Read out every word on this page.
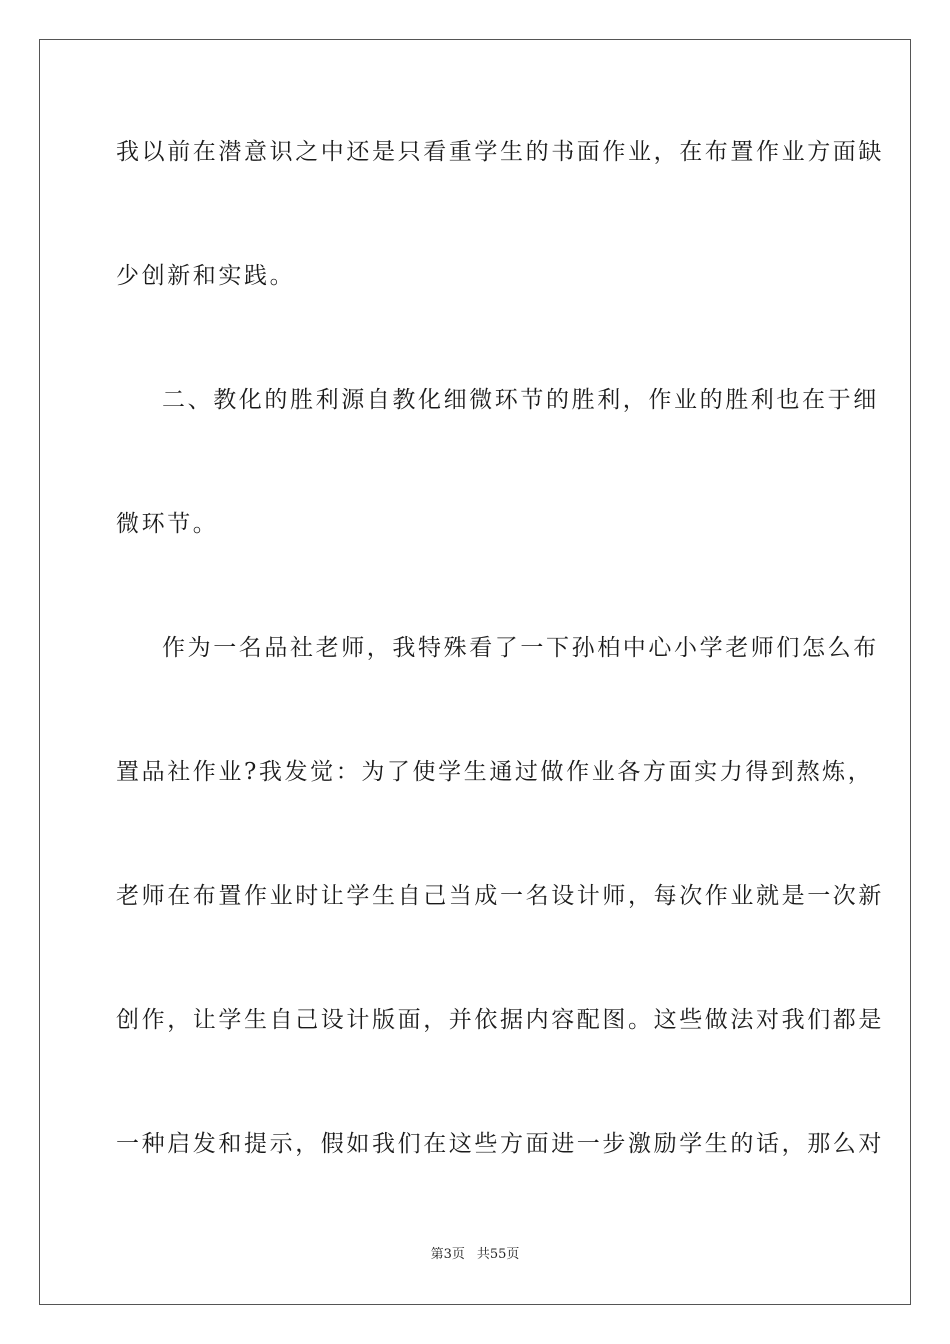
我以前在潜意识之中还是只看重学生的书面作业，在布置作业方面缺
少创新和实践。
二、教化的胜利源自教化细微环节的胜利，作业的胜利也在于细
微环节。
作为一名品社老师，我特殊看了一下孙柏中心小学老师们怎么布
置品社作业?我发觉：为了使学生通过做作业各方面实力得到熬炼，
老师在布置作业时让学生自己当成一名设计师，每次作业就是一次新
创作，让学生自己设计版面，并依据内容配图。这些做法对我们都是
一种启发和提示，假如我们在这些方面进一步激励学生的话，那么对
第3页 共55页
